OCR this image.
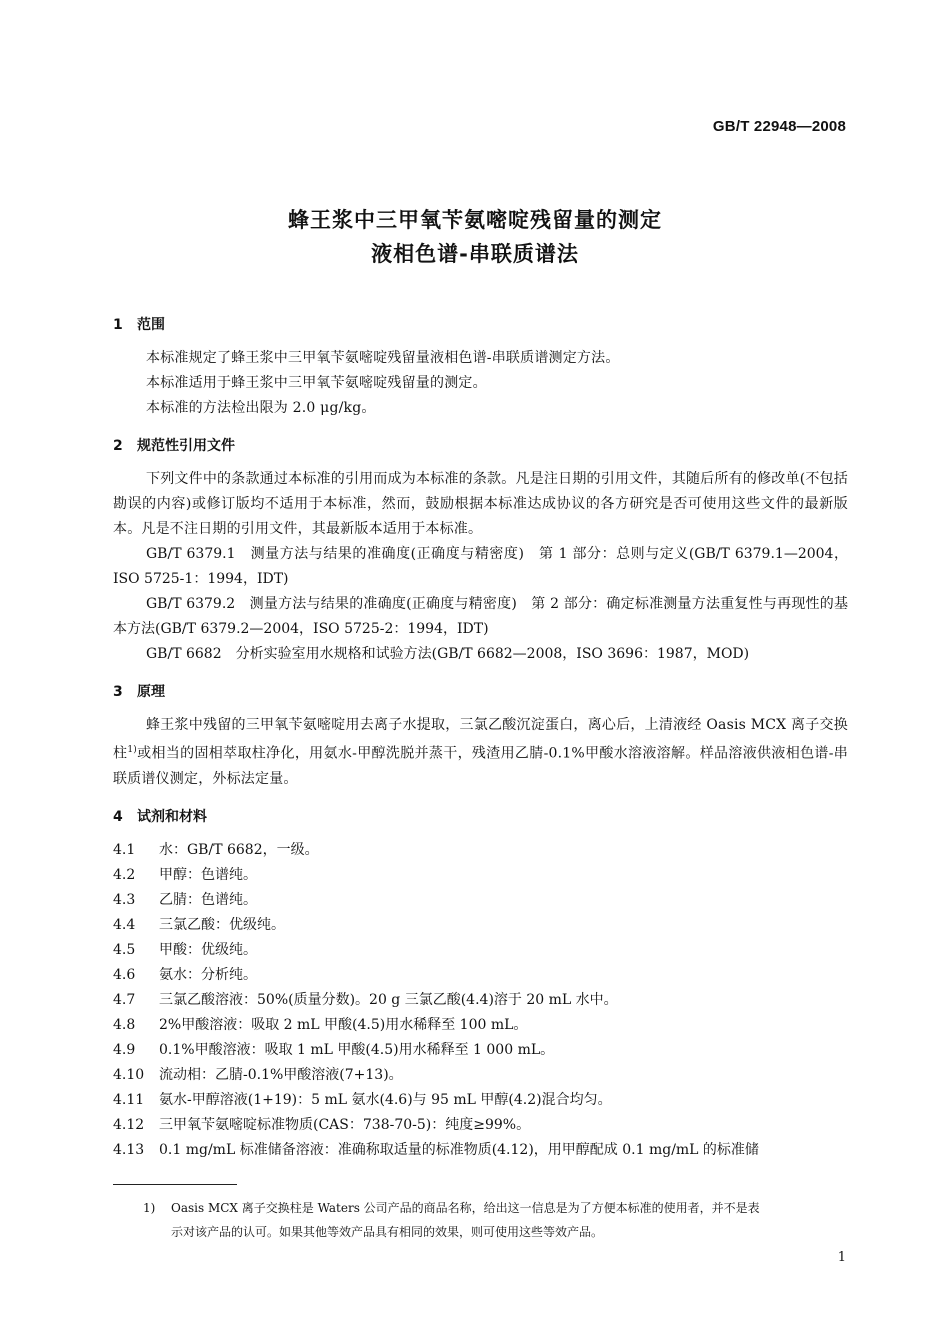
GB/T 22948—2008
蜂王浆中三甲氧苄氨嘧啶残留量的测定
液相色谱-串联质谱法
1 范围

本标准规定了蜂王浆中三甲氧苄氨嘧啶残留量液相色谱-串联质谱测定方法。

本标准适用于蜂王浆中三甲氧苄氨嘧啶残留量的测定。

本标准的方法检出限为 2.0 μg/kg。

2 规范性引用文件

下列文件中的条款通过本标准的引用而成为本标准的条款。凡是注日期的引用文件，其随后所有的修改单(不包括勘误的内容)或修订版均不适用于本标准，然而，鼓励根据本标准达成协议的各方研究是否可使用这些文件的最新版本。凡是不注日期的引用文件，其最新版本适用于本标准。

GB/T 6379.1　测量方法与结果的准确度(正确度与精密度)　第 1 部分：总则与定义(GB/T 6379.1—2004，ISO 5725-1：1994，IDT)

GB/T 6379.2　测量方法与结果的准确度(正确度与精密度)　第 2 部分：确定标准测量方法重复性与再现性的基本方法(GB/T 6379.2—2004，ISO 5725-2：1994，IDT)

GB/T 6682　分析实验室用水规格和试验方法(GB/T 6682—2008，ISO 3696：1987，MOD)

3 原理

蜂王浆中残留的三甲氧苄氨嘧啶用去离子水提取，三氯乙酸沉淀蛋白，离心后，上清液经 Oasis MCX 离子交换柱$^{1)}$或相当的固相萃取柱净化，用氨水-甲醇洗脱并蒸干，残渣用乙腈-0.1%甲酸水溶液溶解。样品溶液供液相色谱-串联质谱仪测定，外标法定量。

4 试剂和材料
4.1	水：GB/T 6682，一级。
4.2	甲醇：色谱纯。
4.3	乙腈：色谱纯。
4.4	三氯乙酸：优级纯。
4.5	甲酸：优级纯。
4.6	氨水：分析纯。
4.7	三氯乙酸溶液：50%(质量分数)。20 g 三氯乙酸(4.4)溶于 20 mL 水中。
4.8	2%甲酸溶液：吸取 2 mL 甲酸(4.5)用水稀释至 100 mL。
4.9	0.1%甲酸溶液：吸取 1 mL 甲酸(4.5)用水稀释至 1 000 mL。
4.10	流动相：乙腈-0.1%甲酸溶液(7+13)。
4.11	氨水-甲醇溶液(1+19)：5 mL 氨水(4.6)与 95 mL 甲醇(4.2)混合均匀。
4.12	三甲氧苄氨嘧啶标准物质(CAS：738-70-5)：纯度≥99%。
4.13	0.1 mg/mL 标准储备溶液：准确称取适量的标准物质(4.12)，用甲醇配成 0.1 mg/mL 的标准储
1) Oasis MCX 离子交换柱是 Waters 公司产品的商品名称，给出这一信息是为了方便本标准的使用者，并不是表
示对该产品的认可。如果其他等效产品具有相同的效果，则可使用这些等效产品。
1
